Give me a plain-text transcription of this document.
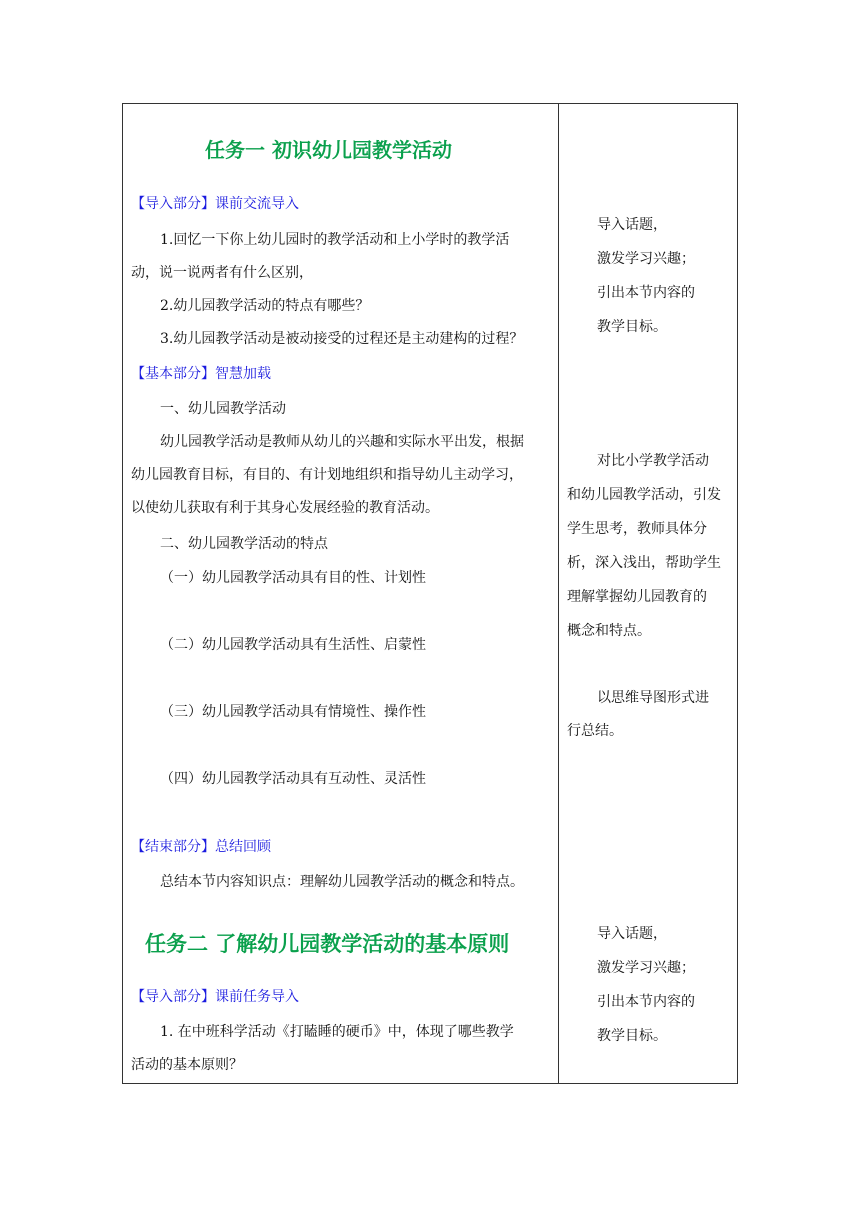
任务一 初识幼儿园教学活动
【导入部分】课前交流导入
1.回忆一下你上幼儿园时的教学活动和上小学时的教学活
动，说一说两者有什么区别，
2.幼儿园教学活动的特点有哪些？
3.幼儿园教学活动是被动接受的过程还是主动建构的过程？
【基本部分】智慧加载
一、幼儿园教学活动
幼儿园教学活动是教师从幼儿的兴趣和实际水平出发，根据
幼儿园教育目标，有目的、有计划地组织和指导幼儿主动学习，
以使幼儿获取有利于其身心发展经验的教育活动。
二、幼儿园教学活动的特点
（一）幼儿园教学活动具有目的性、计划性
（二）幼儿园教学活动具有生活性、启蒙性
（三）幼儿园教学活动具有情境性、操作性
（四）幼儿园教学活动具有互动性、灵活性
【结束部分】总结回顾
总结本节内容知识点：理解幼儿园教学活动的概念和特点。
任务二 了解幼儿园教学活动的基本原则
【导入部分】课前任务导入
1. 在中班科学活动《打瞌睡的硬币》中，体现了哪些教学
活动的基本原则？
导入话题，
激发学习兴趣；
引出本节内容的
教学目标。
对比小学教学活动
和幼儿园教学活动，引发
学生思考，教师具体分
析，深入浅出，帮助学生
理解掌握幼儿园教育的
概念和特点。
以思维导图形式进
行总结。
导入话题，
激发学习兴趣；
引出本节内容的
教学目标。
